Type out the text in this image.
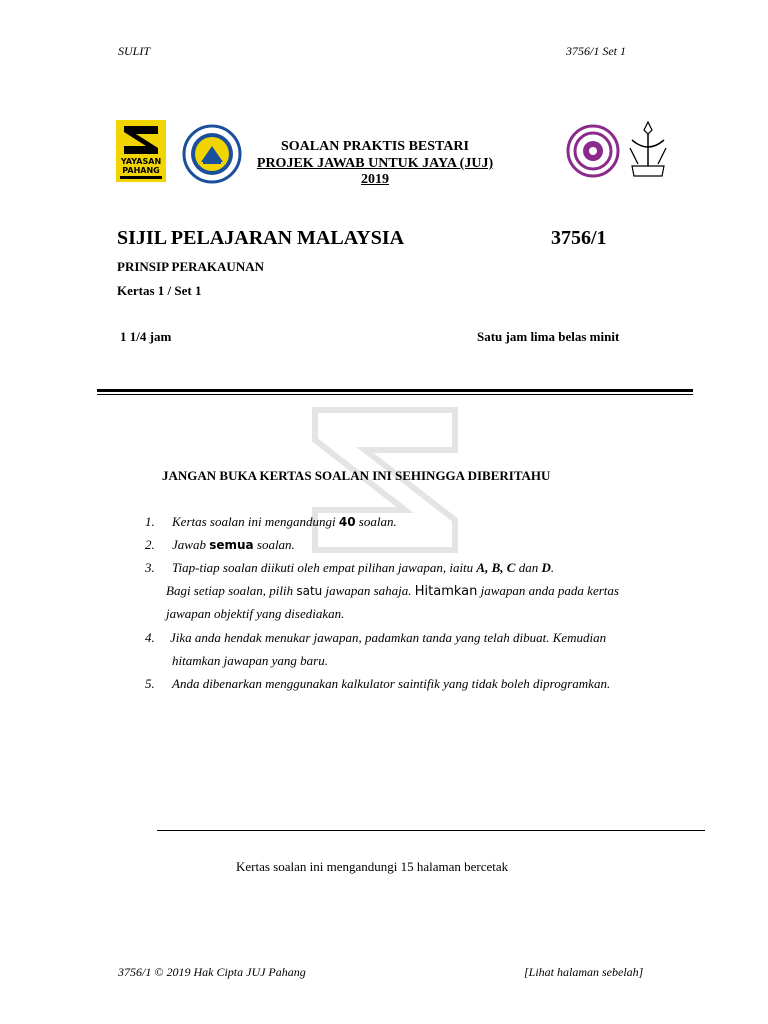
SULIT	3756/1 Set 1
YAYASAN
PAHANG
SOALAN PRAKTIS BESTARI
PROJEK JAWAB UNTUK JAYA (JUJ) 2019
SIJIL PELAJARAN MALAYSIA	3756/1
PRINSIP PERAKAUNAN
Kertas 1 / Set 1
1 1/4 jam	Satu jam lima belas minit
JANGAN BUKA KERTAS SOALAN INI SEHINGGA DIBERITAHU
1. Kertas soalan ini mengandungi 40 soalan.
2. Jawab semua soalan.
3. Tiap-tiap soalan diikuti oleh empat pilihan jawapan, iaitu A, B, C dan D.
Bagi setiap soalan, pilih satu jawapan sahaja. Hitamkan jawapan anda pada kertas
jawapan objektif yang disediakan.
4. Jika anda hendak menukar jawapan, padamkan tanda yang telah dibuat. Kemudian
hitamkan jawapan yang baru.
5. Anda dibenarkan menggunakan kalkulator saintifik yang tidak boleh diprogramkan.
Kertas soalan ini mengandungi 15 halaman bercetak
3756/1 © 2019 Hak Cipta JUJ Pahang	[Lihat halaman sebelah]
